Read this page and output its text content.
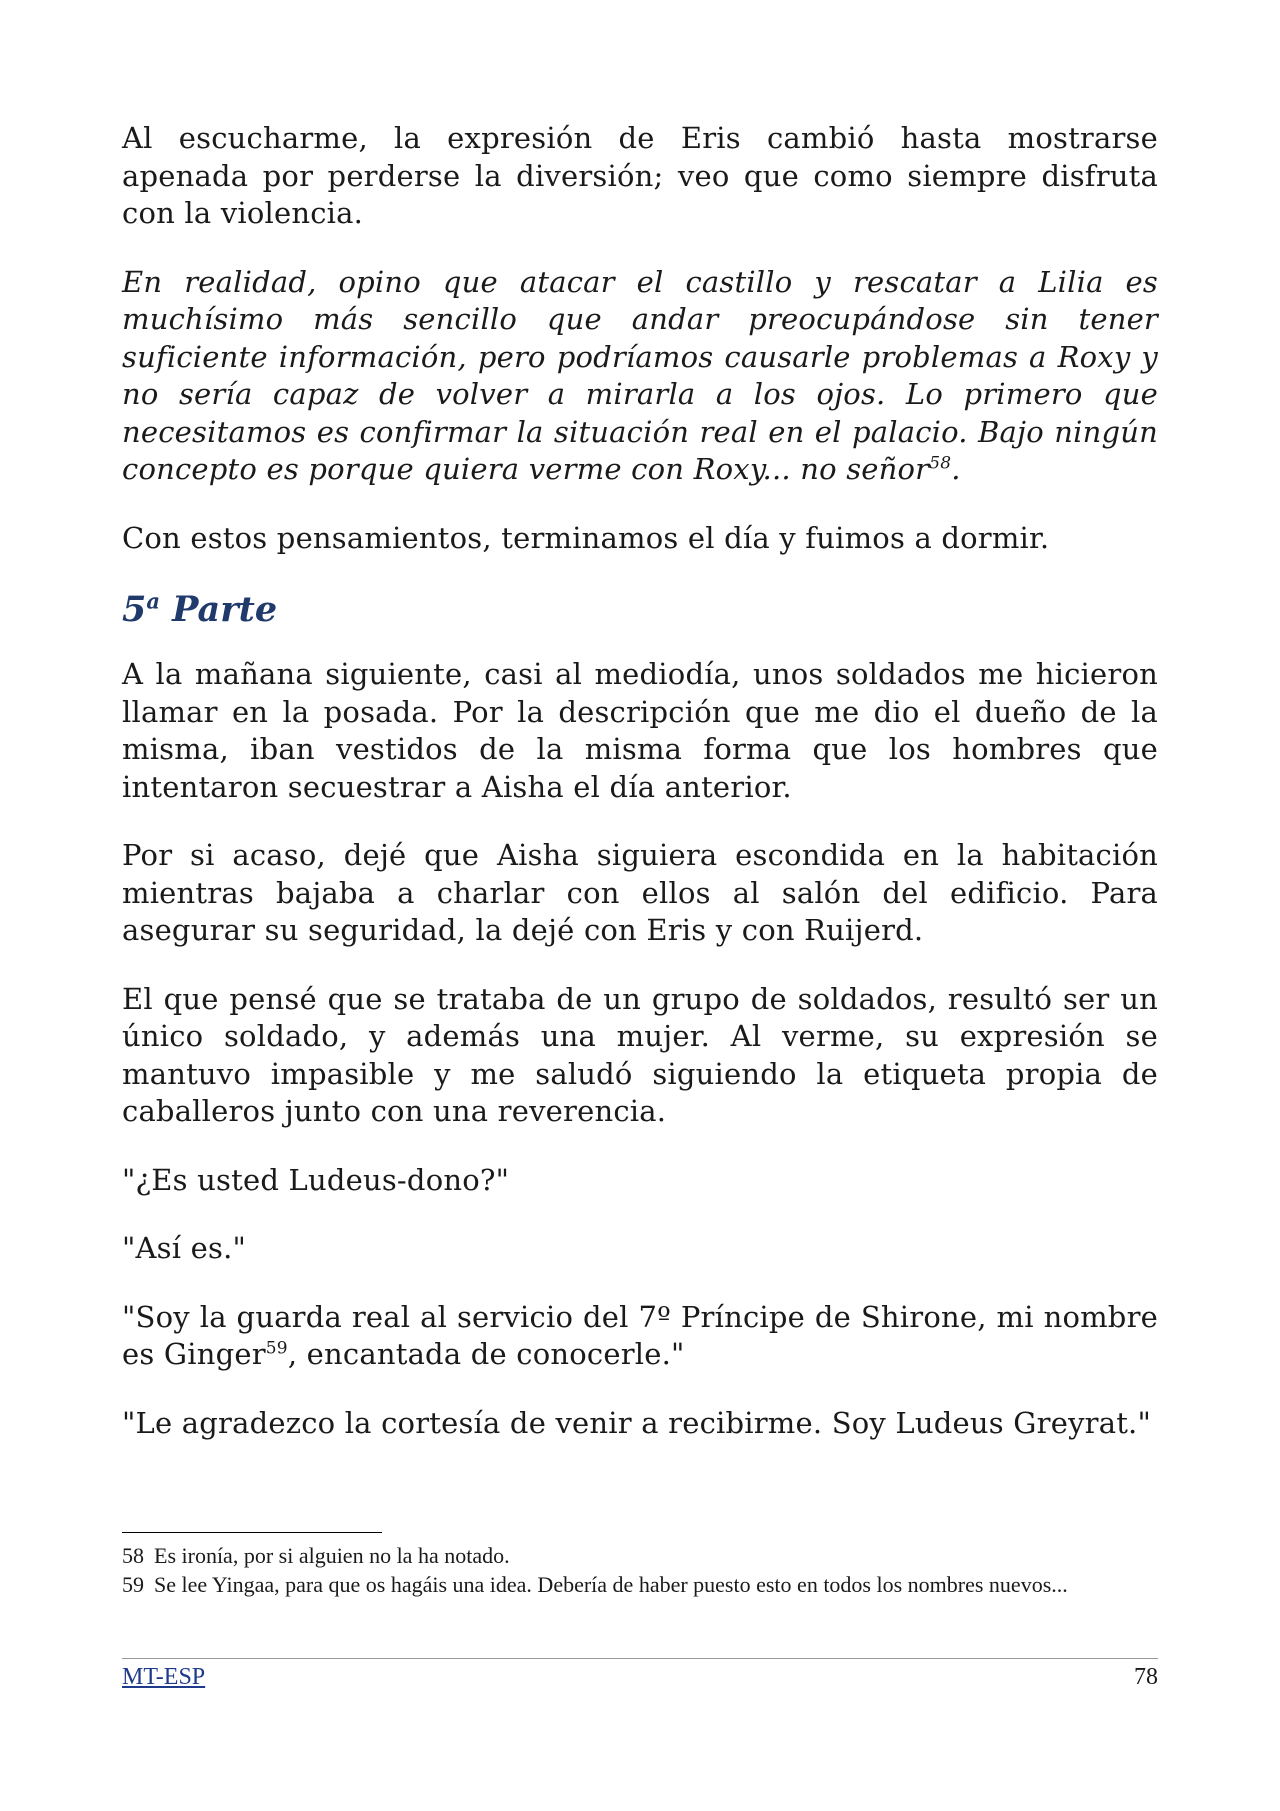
Al escucharme, la expresión de Eris cambió hasta mostrarse apenada por perderse la diversión; veo que como siempre disfruta con la violencia.

En realidad, opino que atacar el castillo y rescatar a Lilia es muchísimo más sencillo que andar preocupándose sin tener suficiente información, pero podríamos causarle problemas a Roxy y no sería capaz de volver a mirarla a los ojos. Lo primero que necesitamos es confirmar la situación real en el palacio. Bajo ningún concepto es porque quiera verme con Roxy... no señor$^{58}$.

Con estos pensamientos, terminamos el día y fuimos a dormir.

5$^a$ Parte

A la mañana siguiente, casi al mediodía, unos soldados me hicieron llamar en la posada. Por la descripción que me dio el dueño de la misma, iban vestidos de la misma forma que los hombres que intentaron secuestrar a Aisha el día anterior.

Por si acaso, dejé que Aisha siguiera escondida en la habitación mientras bajaba a charlar con ellos al salón del edificio. Para asegurar su seguridad, la dejé con Eris y con Ruijerd.

El que pensé que se trataba de un grupo de soldados, resultó ser un único soldado, y además una mujer. Al verme, su expresión se mantuvo impasible y me saludó siguiendo la etiqueta propia de caballeros junto con una reverencia.

"¿Es usted Ludeus-dono?"

"Así es."

"Soy la guarda real al servicio del 7º Príncipe de Shirone, mi nombre es Ginger$^{59}$, encantada de conocerle."

"Le agradezco la cortesía de venir a recibirme. Soy Ludeus Greyrat."

58 Es ironía, por si alguien no la ha notado.
59 Se lee Yingaa, para que os hagáis una idea. Debería de haber puesto esto en todos los nombres nuevos...
MT-ESP	78
